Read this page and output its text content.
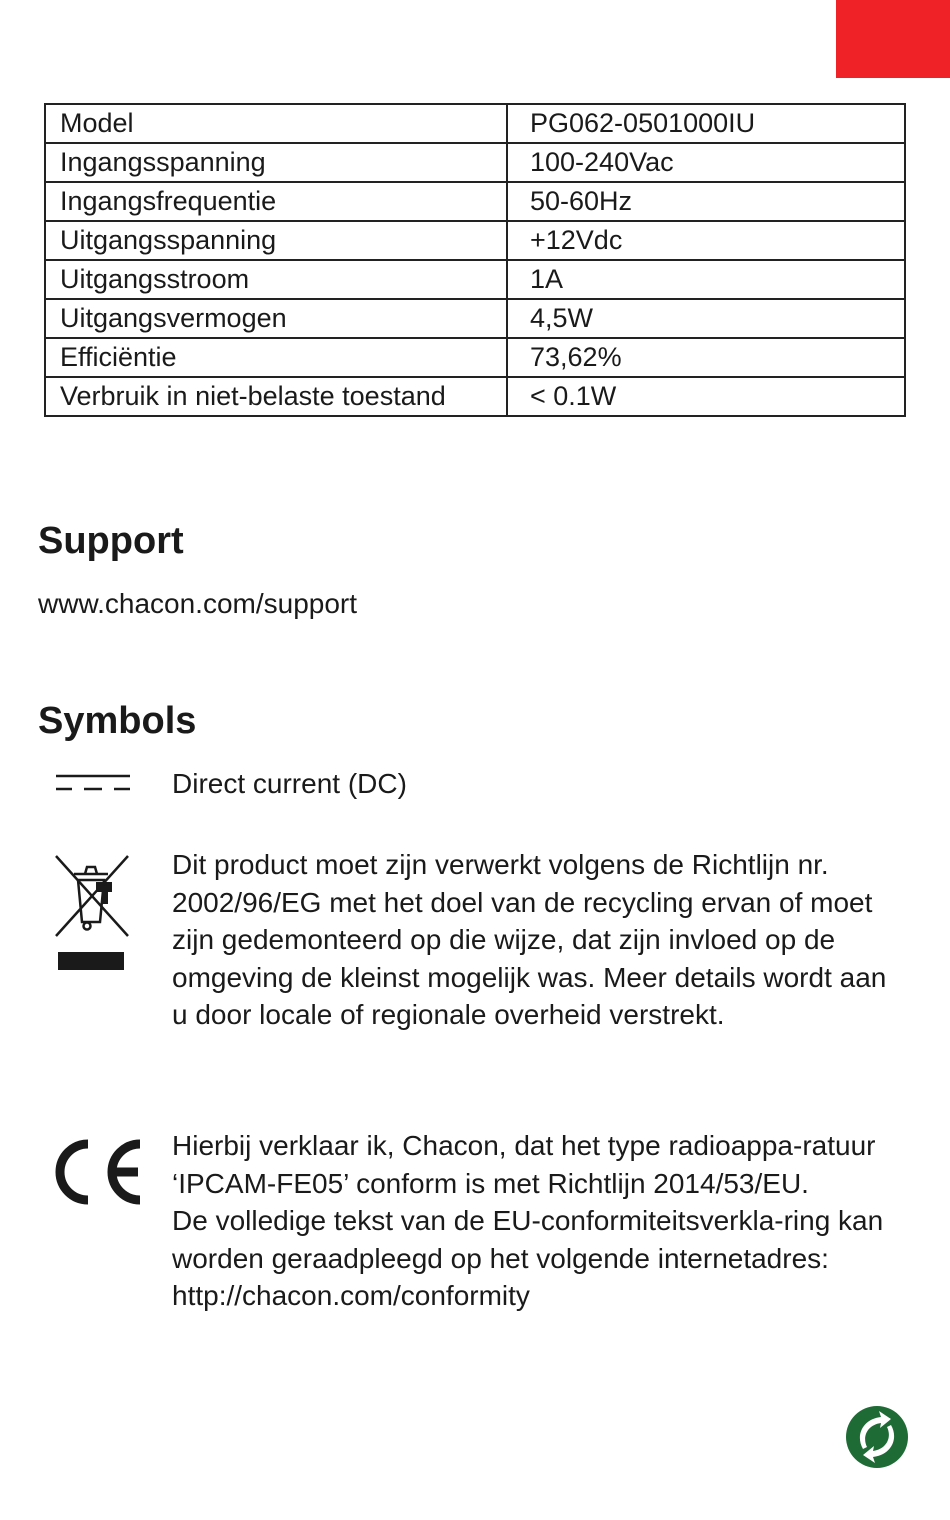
Model	PG062-0501000IU
Ingangsspanning	100-240Vac
Ingangsfrequentie	50-60Hz
Uitgangsspanning	+12Vdc
Uitgangsstroom	1A
Uitgangsvermogen	4,5W
Efficiëntie	73,62%
Verbruik in niet-belaste toestand	< 0.1W
Support
www.chacon.com/support
Symbols
Direct current (DC)
Dit product moet zijn verwerkt volgens de Richtlijn nr. 2002/96/EG met het doel van de recycling ervan of moet zijn gedemonteerd op die wijze, dat zijn invloed op de omgeving de kleinst mogelijk was. Meer details wordt aan u door locale of regionale overheid verstrekt.

Hierbij verklaar ik, Chacon, dat het type radioappa-ratuur ‘IPCAM-FE05’ conform is met Richtlijn 2014/53/EU.

De volledige tekst van de EU-conformiteitsverkla-ring kan worden geraadpleegd op het volgende internetadres: http://chacon.com/conformity
